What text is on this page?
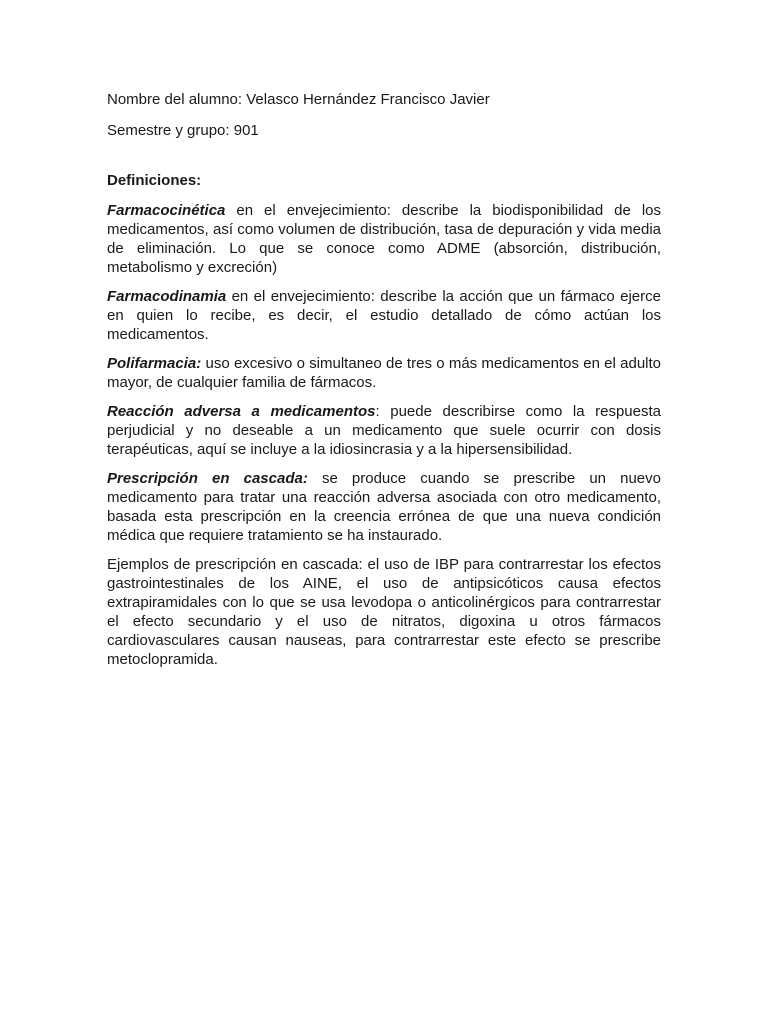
Nombre del alumno: Velasco Hernández Francisco Javier

Semestre y grupo: 901

Definiciones:

Farmacocinética en el envejecimiento: describe la biodisponibilidad de los medicamentos, así como volumen de distribución, tasa de depuración y vida media de eliminación. Lo que se conoce como ADME (absorción, distribución, metabolismo y excreción)

Farmacodinamia en el envejecimiento: describe la acción que un fármaco ejerce en quien lo recibe, es decir, el estudio detallado de cómo actúan los medicamentos.

Polifarmacia: uso excesivo o simultaneo de tres o más medicamentos en el adulto mayor, de cualquier familia de fármacos.

Reacción adversa a medicamentos: puede describirse como la respuesta perjudicial y no deseable a un medicamento que suele ocurrir con dosis terapéuticas, aquí se incluye a la idiosincrasia y a la hipersensibilidad.

Prescripción en cascada: se produce cuando se prescribe un nuevo medicamento para tratar una reacción adversa asociada con otro medicamento, basada esta prescripción en la creencia errónea de que una nueva condición médica que requiere tratamiento se ha instaurado.

Ejemplos de prescripción en cascada: el uso de IBP para contrarrestar los efectos gastrointestinales de los AINE, el uso de antipsicóticos causa efectos extrapiramidales con lo que se usa levodopa o anticolinérgicos para contrarrestar el efecto secundario y el uso de nitratos, digoxina u otros fármacos cardiovasculares causan nauseas, para contrarrestar este efecto se prescribe metoclopramida.
